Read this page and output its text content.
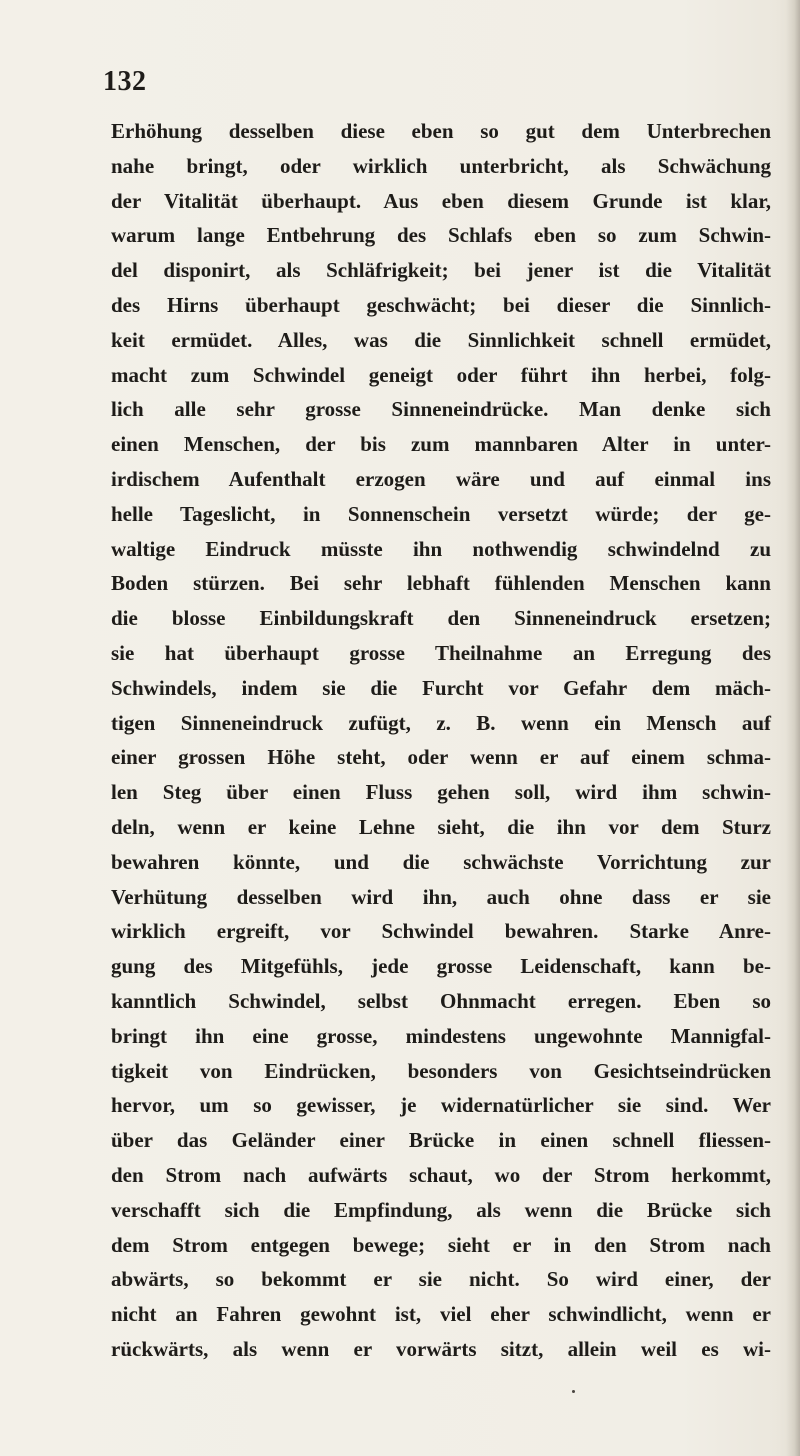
132
Erhöhung desselben diese eben so gut dem Unterbrechen
nahe bringt, oder wirklich unterbricht, als Schwächung
der Vitalität überhaupt. Aus eben diesem Grunde ist klar,
warum lange Entbehrung des Schlafs eben so zum Schwin-
del disponirt, als Schläfrigkeit; bei jener ist die Vitalität
des Hirns überhaupt geschwächt; bei dieser die Sinnlich-
keit ermüdet. Alles, was die Sinnlichkeit schnell ermüdet,
macht zum Schwindel geneigt oder führt ihn herbei, folg-
lich alle sehr grosse Sinneneindrücke. Man denke sich
einen Menschen, der bis zum mannbaren Alter in unter-
irdischem Aufenthalt erzogen wäre und auf einmal ins
helle Tageslicht, in Sonnenschein versetzt würde; der ge-
waltige Eindruck müsste ihn nothwendig schwindelnd zu
Boden stürzen. Bei sehr lebhaft fühlenden Menschen kann
die blosse Einbildungskraft den Sinneneindruck ersetzen;
sie hat überhaupt grosse Theilnahme an Erregung des
Schwindels, indem sie die Furcht vor Gefahr dem mäch-
tigen Sinneneindruck zufügt, z. B. wenn ein Mensch auf
einer grossen Höhe steht, oder wenn er auf einem schma-
len Steg über einen Fluss gehen soll, wird ihm schwin-
deln, wenn er keine Lehne sieht, die ihn vor dem Sturz
bewahren könnte, und die schwächste Vorrichtung zur
Verhütung desselben wird ihn, auch ohne dass er sie
wirklich ergreift, vor Schwindel bewahren. Starke Anre-
gung des Mitgefühls, jede grosse Leidenschaft, kann be-
kanntlich Schwindel, selbst Ohnmacht erregen. Eben so
bringt ihn eine grosse, mindestens ungewohnte Mannigfal-
tigkeit von Eindrücken, besonders von Gesichtseindrücken
hervor, um so gewisser, je widernatürlicher sie sind. Wer
über das Geländer einer Brücke in einen schnell fliessen-
den Strom nach aufwärts schaut, wo der Strom herkommt,
verschafft sich die Empfindung, als wenn die Brücke sich
dem Strom entgegen bewege; sieht er in den Strom nach
abwärts, so bekommt er sie nicht. So wird einer, der
nicht an Fahren gewohnt ist, viel eher schwindlicht, wenn er
rückwärts, als wenn er vorwärts sitzt, allein weil es wi-
